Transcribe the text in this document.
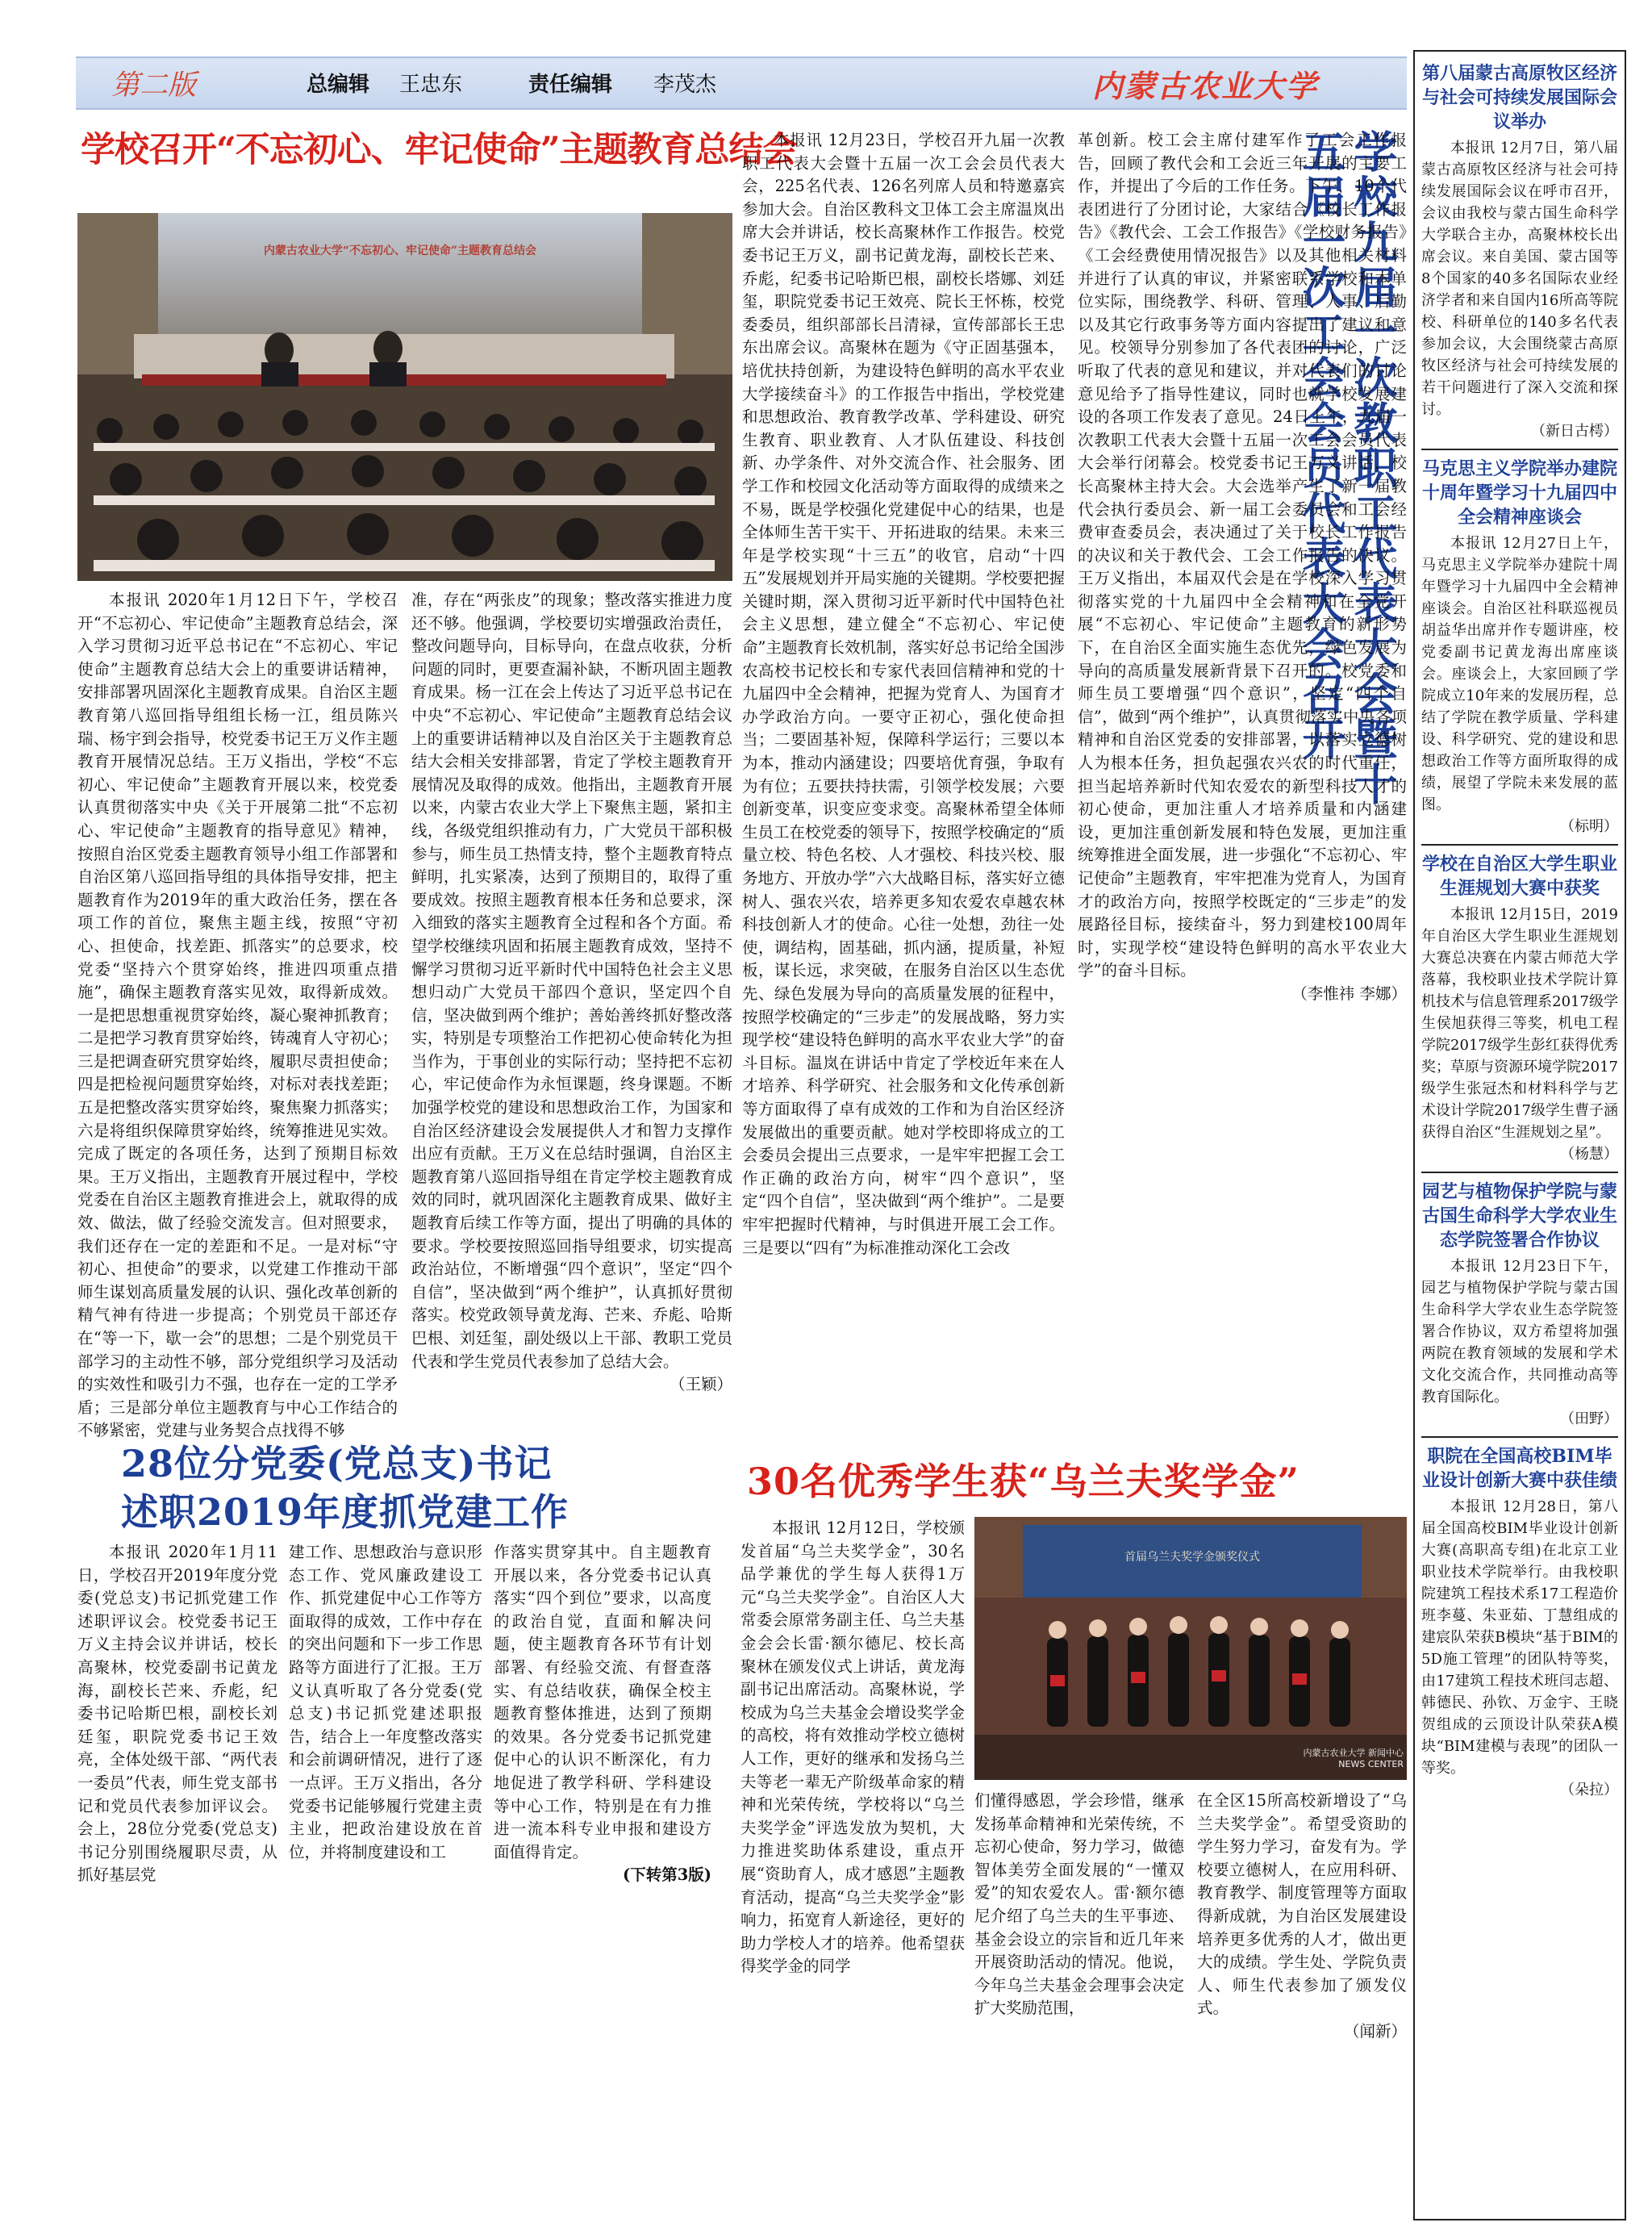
第二版	总编辑 王忠东	责任编辑 李茂杰	内蒙古农业大学
学校召开“不忘初心、牢记使命”主题教育总结会
内蒙古农业大学“不忘初心、牢记使命”主题教育总结会
本报讯 2020年1月12日下午，学校召开“不忘初心、牢记使命”主题教育总结会，深入学习贯彻习近平总书记在“不忘初心、牢记使命”主题教育总结大会上的重要讲话精神，安排部署巩固深化主题教育成果。自治区主题教育第八巡回指导组组长杨一江，组员陈兴瑞、杨宇到会指导，校党委书记王万义作主题教育开展情况总结。王万义指出，学校“不忘初心、牢记使命”主题教育开展以来，校党委认真贯彻落实中央《关于开展第二批“不忘初心、牢记使命”主题教育的指导意见》精神，按照自治区党委主题教育领导小组工作部署和自治区第八巡回指导组的具体指导安排，把主题教育作为2019年的重大政治任务，摆在各项工作的首位，聚焦主题主线，按照“守初心、担使命，找差距、抓落实”的总要求，校党委“坚持六个贯穿始终，推进四项重点措施”，确保主题教育落实见效，取得新成效。一是把思想重视贯穿始终，凝心聚神抓教育；二是把学习教育贯穿始终，铸魂育人守初心；三是把调查研究贯穿始终，履职尽责担使命；四是把检视问题贯穿始终，对标对表找差距；五是把整改落实贯穿始终，聚焦聚力抓落实；六是将组织保障贯穿始终，统筹推进见实效。完成了既定的各项任务，达到了预期目标效果。王万义指出，主题教育开展过程中，学校党委在自治区主题教育推进会上，就取得的成效、做法，做了经验交流发言。但对照要求，我们还存在一定的差距和不足。一是对标“守初心、担使命”的要求，以党建工作推动干部师生谋划高质量发展的认识、强化改革创新的精气神有待进一步提高；个别党员干部还存在“等一下，歇一会”的思想；二是个别党员干部学习的主动性不够，部分党组织学习及活动的实效性和吸引力不强，也存在一定的工学矛盾；三是部分单位主题教育与中心工作结合的不够紧密，党建与业务契合点找得不够
准，存在“两张皮”的现象；整改落实推进力度还不够。他强调，学校要切实增强政治责任，整改问题导向，目标导向，在盘点收获，分析问题的同时，更要查漏补缺，不断巩固主题教育成果。杨一江在会上传达了习近平总书记在中央“不忘初心、牢记使命”主题教育总结会议上的重要讲话精神以及自治区关于主题教育总结大会相关安排部署，肯定了学校主题教育开展情况及取得的成效。他指出，主题教育开展以来，内蒙古农业大学上下聚焦主题，紧扣主线，各级党组织推动有力，广大党员干部积极参与，师生员工热情支持，整个主题教育特点鲜明，扎实紧凑，达到了预期目的，取得了重要成效。按照主题教育根本任务和总要求，深入细致的落实主题教育全过程和各个方面。希望学校继续巩固和拓展主题教育成效，坚持不懈学习贯彻习近平新时代中国特色社会主义思想归动广大党员干部四个意识，坚定四个自信，坚决做到两个维护；善始善终抓好整改落实，特别是专项整治工作把初心使命转化为担当作为，于事创业的实际行动；坚持把不忘初心，牢记使命作为永恒课题，终身课题。不断加强学校党的建设和思想政治工作，为国家和自治区经济建设会发展提供人才和智力支撑作出应有贡献。王万义在总结时强调，自治区主题教育第八巡回指导组在肯定学校主题教育成效的同时，就巩固深化主题教育成果、做好主题教育后续工作等方面，提出了明确的具体的要求。学校要按照巡回指导组要求，切实提高政治站位，不断增强“四个意识”，坚定“四个自信”，坚决做到“两个维护”，认真抓好贯彻落实。校党政领导黄龙海、芒来、乔彪、哈斯巴根、刘廷玺，副处级以上干部、教职工党员代表和学生党员代表参加了总结大会。
（王颖）
28位分党委(党总支)书记
述职2019年度抓党建工作
本报讯 2020年1月11日，学校召开2019年度分党委(党总支)书记抓党建工作述职评议会。校党委书记王万义主持会议并讲话，校长高聚林，校党委副书记黄龙海，副校长芒来、乔彪，纪委书记哈斯巴根，副校长刘廷玺，职院党委书记王效亮，全体处级干部、“两代表一委员”代表，师生党支部书记和党员代表参加评议会。会上，28位分党委(党总支)书记分别围绕履职尽责，从抓好基层党
建工作、思想政治与意识形态工作、党风廉政建设工作、抓党建促中心工作等方面取得的成效，工作中存在的突出问题和下一步工作思路等方面进行了汇报。王万义认真听取了各分党委(党总支)书记抓党建述职报告，结合上一年度整改落实和会前调研情况，进行了逐一点评。王万义指出，各分党委书记能够履行党建主责主业，把政治建设放在首位，并将制度建设和工
作落实贯穿其中。自主题教育开展以来，各分党委书记认真落实“四个到位”要求，以高度的政治自觉，直面和解决问题，使主题教育各环节有计划部署、有经验交流、有督查落实、有总结收获，确保全校主题教育整体推进，达到了预期的效果。各分党委书记抓党建促中心的认识不断深化，有力地促进了教学科研、学科建设等中心工作，特别是在有力推进一流本科专业申报和建设方面值得肯定。
(下转第3版)
本报讯 12月23日，学校召开九届一次教职工代表大会暨十五届一次工会会员代表大会，225名代表、126名列席人员和特邀嘉宾参加大会。自治区教科文卫体工会主席温岚出席大会并讲话，校长高聚林作工作报告。校党委书记王万义，副书记黄龙海，副校长芒来、乔彪，纪委书记哈斯巴根，副校长塔娜、刘廷玺，职院党委书记王效亮、院长王怀栋，校党委委员，组织部部长吕清禄，宣传部部长王忠东出席会议。高聚林在题为《守正固基强本，培优扶持创新，为建设特色鲜明的高水平农业大学接续奋斗》的工作报告中指出，学校党建和思想政治、教育教学改革、学科建设、研究生教育、职业教育、人才队伍建设、科技创新、办学条件、对外交流合作、社会服务、团学工作和校园文化活动等方面取得的成绩来之不易，既是学校强化党建促中心的结果，也是全体师生苦干实干、开拓进取的结果。未来三年是学校实现“十三五”的收官，启动“十四五”发展规划并开局实施的关键期。学校要把握关键时期，深入贯彻习近平新时代中国特色社会主义思想，建立健全“不忘初心、牢记使命”主题教育长效机制，落实好总书记给全国涉农高校书记校长和专家代表回信精神和党的十九届四中全会精神，把握为党育人、为国育才办学政治方向。一要守正初心，强化使命担当；二要固基补短，保障科学运行；三要以本为本，推动内涵建设；四要培优育强，争取有为有位；五要扶持扶需，引领学校发展；六要创新变革，识变应变求变。高聚林希望全体师生员工在校党委的领导下，按照学校确定的“质量立校、特色名校、人才强校、科技兴校、服务地方、开放办学”六大战略目标，落实好立德树人、强农兴农，培养更多知农爱农卓越农林科技创新人才的使命。心往一处想，劲往一处使，调结构，固基础，抓内涵，提质量，补短板，谋长远，求突破，在服务自治区以生态优先、绿色发展为导向的高质量发展的征程中，按照学校确定的“三步走”的发展战略，努力实现学校“建设特色鲜明的高水平农业大学”的奋斗目标。温岚在讲话中肯定了学校近年来在人才培养、科学研究、社会服务和文化传承创新等方面取得了卓有成效的工作和为自治区经济发展做出的重要贡献。她对学校即将成立的工会委员会提出三点要求，一是牢牢把握工会工作正确的政治方向，树牢“四个意识”，坚定“四个自信”，坚决做到“两个维护”。二是要牢牢把握时代精神，与时俱进开展工会工作。三是要以“四有”为标准推动深化工会改
学校九届一次教职工代表大会暨十五届一次工会会员代表大会召开
革创新。校工会主席付建军作了工会工作报告，回顾了教代会和工会近三年开展的主要工作，并提出了今后的工作任务。下午，10个代表团进行了分团讨论，大家结合《校长工作报告》《教代会、工会工作报告》《学校财务报告》《工会经费使用情况报告》以及其他相关材料并进行了认真的审议，并紧密联系学校和本单位实际，围绕教学、科研、管理、人事、后勤以及其它行政事务等方面内容提出了建议和意见。校领导分别参加了各代表团的讨论，广泛听取了代表的意见和建议，并对代表们的讨论意见给予了指导性建议，同时也就学校发展建设的各项工作发表了意见。24日上午，九届一次教职工代表大会暨十五届一次工会会员代表大会举行闭幕会。校党委书记王万义讲话，校长高聚林主持大会。大会选举产生了新一届教代会执行委员会、新一届工会委员会和工会经费审查委员会，表决通过了关于校长工作报告的决议和关于教代会、工会工作报告的决议。王万义指出，本届双代会是在学校深入学习贯彻落实党的十九届四中全会精神和在全党开展“不忘初心、牢记使命”主题教育的新形势下，在自治区全面实施生态优先，绿色发展为导向的高质量发展新背景下召开的。校党委和师生员工要增强“四个意识”，坚定“四个自信”，做到“两个维护”，认真贯彻落实中央各项精神和自治区党委的安排部署，以落实立德树人为根本任务，担负起强农兴农的时代重任，担当起培养新时代知农爱农的新型科技人才的初心使命，更加注重人才培养质量和内涵建设，更加注重创新发展和特色发展，更加注重统筹推进全面发展，进一步强化“不忘初心、牢记使命”主题教育，牢牢把准为党育人，为国育才的政治方向，按照学校既定的“三步走”的发展路径目标，接续奋斗，努力到建校100周年时，实现学校“建设特色鲜明的高水平农业大学”的奋斗目标。
（李惟祎 李娜）
30名优秀学生获“乌兰夫奖学金”
本报讯 12月12日，学校颁发首届“乌兰夫奖学金”，30名品学兼优的学生每人获得1万元“乌兰夫奖学金”。自治区人大常委会原常务副主任、乌兰夫基金会会长雷·额尔德尼、校长高聚林在颁发仪式上讲话，黄龙海副书记出席活动。高聚林说，学校成为乌兰夫基金会增设奖学金的高校，将有效推动学校立德树人工作，更好的继承和发扬乌兰夫等老一辈无产阶级革命家的精神和光荣传统，学校将以“乌兰夫奖学金”评选发放为契机，大力推进奖助体系建设，重点开展“资助育人，成才感恩”主题教育活动，提高“乌兰夫奖学金”影响力，拓宽育人新途径，更好的助力学校人才的培养。他希望获得奖学金的同学
首届乌兰夫奖学金颁奖仪式
内蒙古农业大学 新闻中心 NEWS CENTER
们懂得感恩，学会珍惜，继承发扬革命精神和光荣传统，不忘初心使命，努力学习，做德智体美劳全面发展的“一懂双爱”的知农爱农人。雷·额尔德尼介绍了乌兰夫的生平事迹、基金会设立的宗旨和近几年来开展资助活动的情况。他说，今年乌兰夫基金会理事会决定扩大奖励范围，
在全区15所高校新增设了“乌兰夫奖学金”。希望受资助的学生努力学习，奋发有为。学校要立德树人，在应用科研、教育教学、制度管理等方面取得新成就，为自治区发展建设培养更多优秀的人才，做出更大的成绩。学生处、学院负责人、师生代表参加了颁发仪式。
（闻新）
第八届蒙古高原牧区经济与社会可持续发展国际会议举办
本报讯 12月7日，第八届蒙古高原牧区经济与社会可持续发展国际会议在呼市召开，会议由我校与蒙古国生命科学大学联合主办，高聚林校长出席会议。来自美国、蒙古国等8个国家的40多名国际农业经济学者和来自国内16所高等院校、科研单位的140多名代表参加会议，大会围绕蒙古高原牧区经济与社会可持续发展的若干问题进行了深入交流和探讨。
（新日古樗）
马克思主义学院举办建院十周年暨学习十九届四中全会精神座谈会
本报讯 12月27日上午，马克思主义学院举办建院十周年暨学习十九届四中全会精神座谈会。自治区社科联巡视员胡益华出席并作专题讲座，校党委副书记黄龙海出席座谈会。座谈会上，大家回顾了学院成立10年来的发展历程，总结了学院在教学质量、学科建设、科学研究、党的建设和思想政治工作等方面所取得的成绩，展望了学院未来发展的蓝图。
（标明）
学校在自治区大学生职业生涯规划大赛中获奖
本报讯 12月15日，2019年自治区大学生职业生涯规划大赛总决赛在内蒙古师范大学落幕，我校职业技术学院计算机技术与信息管理系2017级学生侯旭获得三等奖，机电工程学院2017级学生彭红获得优秀奖；草原与资源环境学院2017级学生张冠杰和材料科学与艺术设计学院2017级学生曹子涵获得自治区“生涯规划之星”。
（杨慧）
园艺与植物保护学院与蒙古国生命科学大学农业生态学院签署合作协议
本报讯 12月23日下午，园艺与植物保护学院与蒙古国生命科学大学农业生态学院签署合作协议，双方希望将加强两院在教育领域的发展和学术文化交流合作，共同推动高等教育国际化。
（田野）
职院在全国高校BIM毕业设计创新大赛中获佳绩
本报讯 12月28日，第八届全国高校BIM毕业设计创新大赛(高职高专组)在北京工业职业技术学院举行。由我校职院建筑工程技术系17工程造价班李蔓、朱亚茹、丁慧组成的建宸队荣获B模块“基于BIM的5D施工管理”的团队特等奖，由17建筑工程技术班闫志超、韩德民、孙钦、万金宇、王晓贺组成的云顶设计队荣获A模块“BIM建模与表现”的团队一等奖。
（朵拉）
